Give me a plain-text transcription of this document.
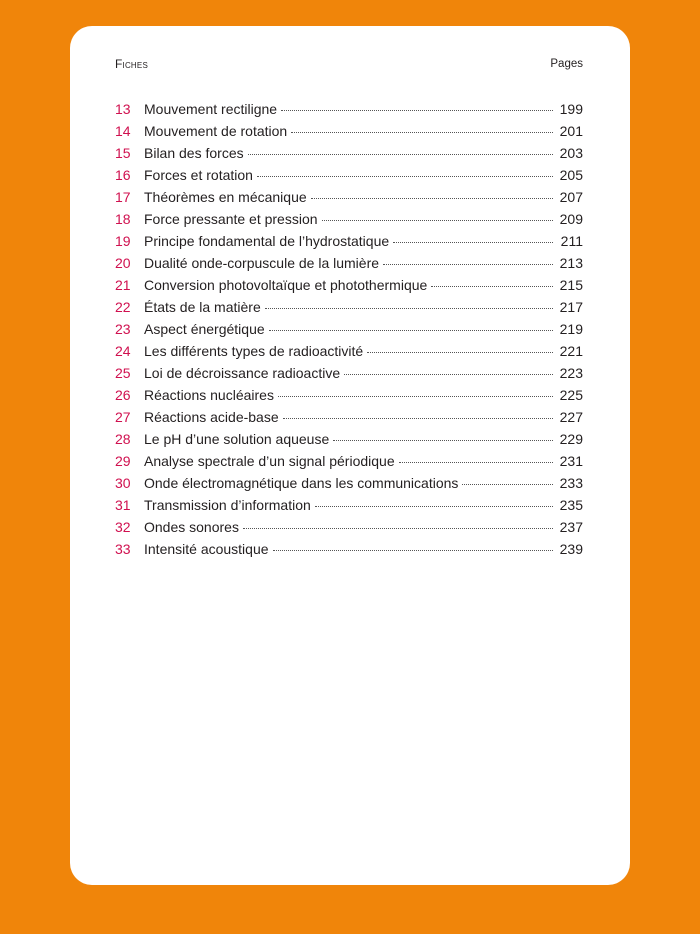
Fiches	Pages
13 Mouvement rectiligne	199
14 Mouvement de rotation	201
15 Bilan des forces	203
16 Forces et rotation	205
17 Théorèmes en mécanique	207
18 Force pressante et pression	209
19 Principe fondamental de l’hydrostatique	211
20 Dualité onde-corpuscule de la lumière	213
21 Conversion photovoltaïque et photothermique	215
22 États de la matière	217
23 Aspect énergétique	219
24 Les différents types de radioactivité	221
25 Loi de décroissance radioactive	223
26 Réactions nucléaires	225
27 Réactions acide-base	227
28 Le pH d’une solution aqueuse	229
29 Analyse spectrale d’un signal périodique	231
30 Onde électromagnétique dans les communications	233
31 Transmission d’information	235
32 Ondes sonores	237
33 Intensité acoustique	239
